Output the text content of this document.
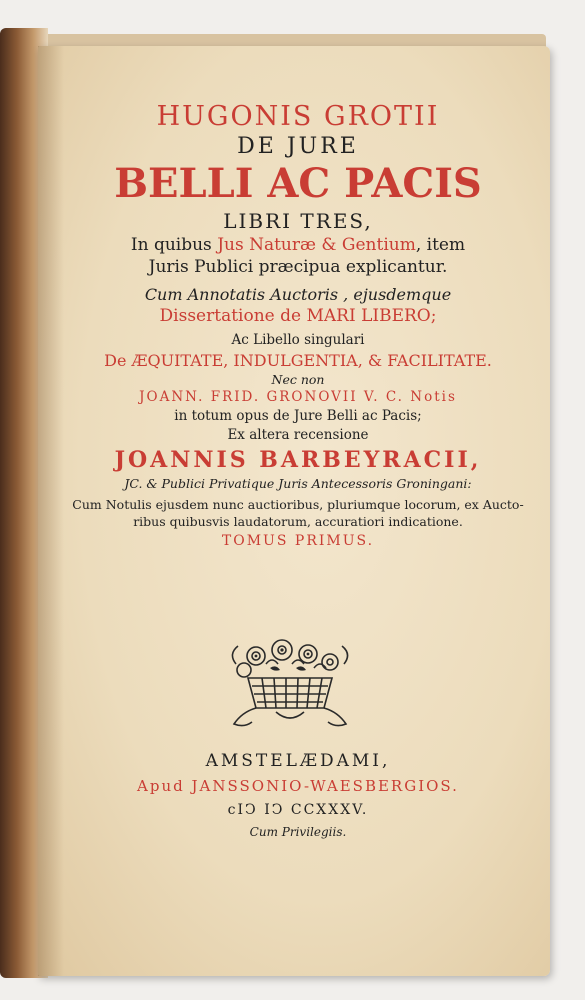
HUGONIS GROTII
DE JURE
BELLI AC PACIS
LIBRI TRES,
In quibus Jus Naturæ & Gentium, item
Juris Publici præcipua explicantur.
Cum Annotatis Auctoris , ejusdemque
Dissertatione de MARI LIBERO;
Ac Libello singulari
De ÆQUITATE, INDULGENTIA, & FACILITATE.
Nec non
JOANN. FRID. GRONOVII V. C. Notis
in totum opus de Jure Belli ac Pacis;
Ex altera recensione
JOANNIS BARBEYRACII,
JC. & Publici Privatique Juris Antecessoris Groningani:
Cum Notulis ejusdem nunc auctioribus, pluriumque locorum, ex Aucto-
ribus quibusvis laudatorum, accuratiori indicatione.
TOMUS PRIMUS.
AMSTELÆDAMI,
Apud JANSSONIO-WAESBERGIOS.
cIↃ IↃ CCXXXV.
Cum Privilegiis.
